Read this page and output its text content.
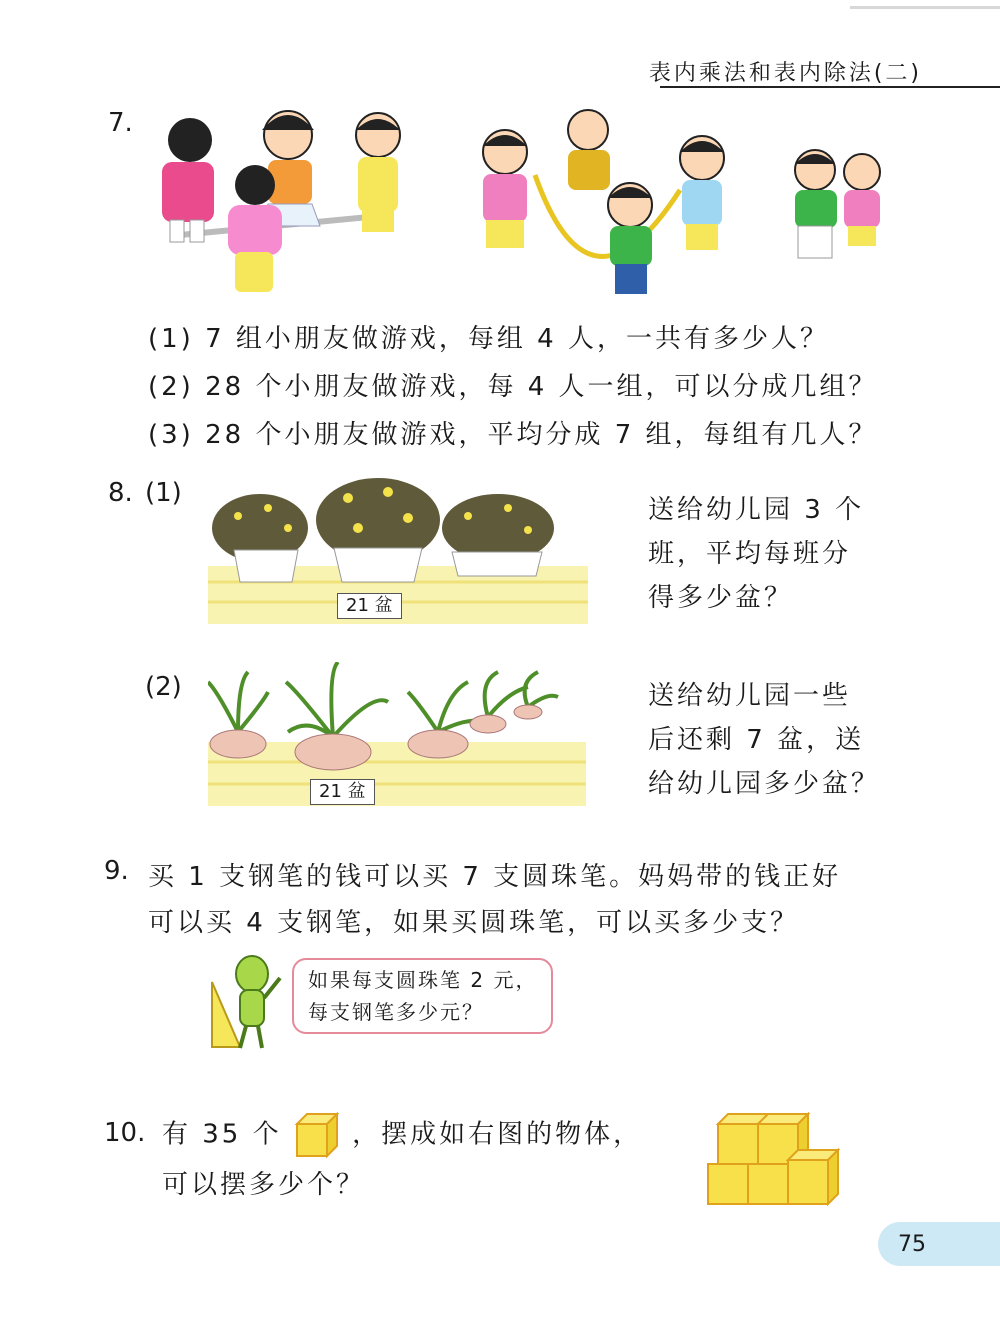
表内乘法和表内除法(二)
7.
(1) 7 组小朋友做游戏，每组 4 人，一共有多少人？
(2) 28 个小朋友做游戏，每 4 人一组，可以分成几组？
(3) 28 个小朋友做游戏，平均分成 7 组，每组有几人？
8. (1)
21 盆
送给幼儿园 3 个
班，平均每班分
得多少盆？
(2)
21 盆
送给幼儿园一些
后还剩 7 盆，送
给幼儿园多少盆？
9. 买 1 支钢笔的钱可以买 7 支圆珠笔。妈妈带的钱正好
可以买 4 支钢笔，如果买圆珠笔，可以买多少支？
如果每支圆珠笔 2 元，
每支钢笔多少元？
10. 有 35 个	，摆成如右图的物体，
可以摆多少个？
75
